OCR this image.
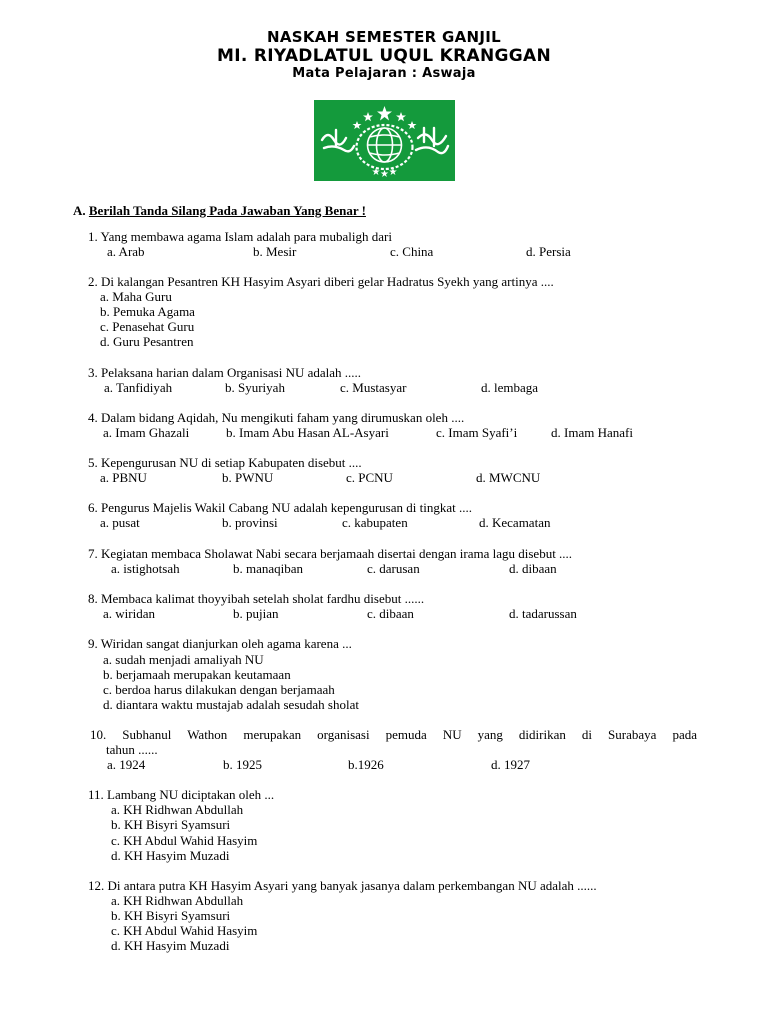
NASKAH SEMESTER GANJIL
MI. RIYADLATUL UQUL KRANGGAN
Mata Pelajaran : Aswaja
A. Berilah Tanda Silang Pada Jawaban Yang Benar !
1. Yang membawa agama Islam adalah para mubaligh dari
a. Arab	b. Mesir	c. China	d. Persia
2. Di kalangan Pesantren KH Hasyim Asyari diberi gelar Hadratus Syekh yang artinya ....
a. Maha Guru
b. Pemuka Agama
c. Penasehat Guru
d. Guru Pesantren
3. Pelaksana harian dalam Organisasi NU adalah .....
a. Tanfidiyah	b. Syuriyah	c. Mustasyar	d. lembaga
4. Dalam bidang Aqidah, Nu mengikuti faham yang dirumuskan oleh ....
a. Imam Ghazali	b. Imam Abu Hasan AL-Asyari	c. Imam Syafi’i	d. Imam Hanafi
5. Kepengurusan NU di setiap Kabupaten disebut ....
a. PBNU	b. PWNU	c. PCNU	d. MWCNU
6. Pengurus Majelis Wakil Cabang NU adalah kepengurusan di tingkat ....
a. pusat	b. provinsi	c. kabupaten	d. Kecamatan
7. Kegiatan membaca Sholawat Nabi secara berjamaah disertai dengan irama lagu disebut ....
a. istighotsah	b. manaqiban	c. darusan	d. dibaan
8. Membaca kalimat thoyyibah setelah sholat fardhu disebut ......
a. wiridan	b. pujian	c. dibaan	d. tadarussan
9. Wiridan sangat dianjurkan oleh agama karena ...
a. sudah menjadi amaliyah NU
b. berjamaah merupakan keutamaan
c. berdoa harus dilakukan dengan berjamaah
d. diantara waktu mustajab adalah sesudah sholat
10. Subhanul Wathon merupakan organisasi pemuda NU yang didirikan di Surabaya pada
tahun ......
a. 1924	b. 1925	b.1926	d. 1927
11. Lambang NU diciptakan oleh ...
a. KH Ridhwan Abdullah
b. KH Bisyri Syamsuri
c. KH Abdul Wahid Hasyim
d. KH Hasyim Muzadi
12. Di antara putra KH Hasyim Asyari yang banyak jasanya dalam perkembangan NU adalah ......
a. KH Ridhwan Abdullah
b. KH Bisyri Syamsuri
c. KH Abdul Wahid Hasyim
d. KH Hasyim Muzadi
